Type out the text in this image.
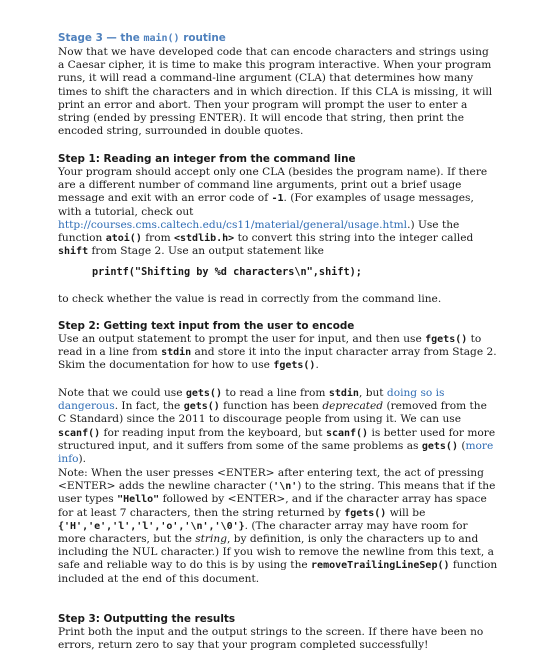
Stage 3 — the main() routine

Now that we have developed code that can encode characters and strings using a Caesar cipher, it is time to make this program interactive. When your program runs, it will read a command-line argument (CLA) that determines how many times to shift the characters and in which direction. If this CLA is missing, it will print an error and abort. Then your program will prompt the user to enter a string (ended by pressing ENTER). It will encode that string, then print the encoded string, surrounded in double quotes.

Step 1: Reading an integer from the command line

Your program should accept only one CLA (besides the program name). If there are a different number of command line arguments, print out a brief usage message and exit with an error code of -1. (For examples of usage messages, with a tutorial, check out http://courses.cms.caltech.edu/cs11/material/general/usage.html.) Use the function atoi() from <stdlib.h> to convert this string into the integer called shift from Stage 2. Use an output statement like

printf("Shifting by %d characters\n",shift);

to check whether the value is read in correctly from the command line.

Step 2: Getting text input from the user to encode

Use an output statement to prompt the user for input, and then use fgets() to read in a line from stdin and store it into the input character array from Stage 2. Skim the documentation for how to use fgets().

Note that we could use gets() to read a line from stdin, but doing so is dangerous. In fact, the gets() function has been deprecated (removed from the C Standard) since the 2011 to discourage people from using it. We can use scanf() for reading input from the keyboard, but scanf() is better used for more structured input, and it suffers from some of the same problems as gets() (more info).

Note: When the user presses <ENTER> after entering text, the act of pressing <ENTER> adds the newline character ('\n') to the string. This means that if the user types "Hello" followed by <ENTER>, and if the character array has space for at least 7 characters, then the string returned by fgets() will be {'H','e','l','l','o','\n','\0'}. (The character array may have room for more characters, but the string, by definition, is only the characters up to and including the NUL character.) If you wish to remove the newline from this text, a safe and reliable way to do this is by using the removeTrailingLineSep() function included at the end of this document.

Step 3: Outputting the results

Print both the input and the output strings to the screen. If there have been no errors, return zero to say that your program completed successfully!
